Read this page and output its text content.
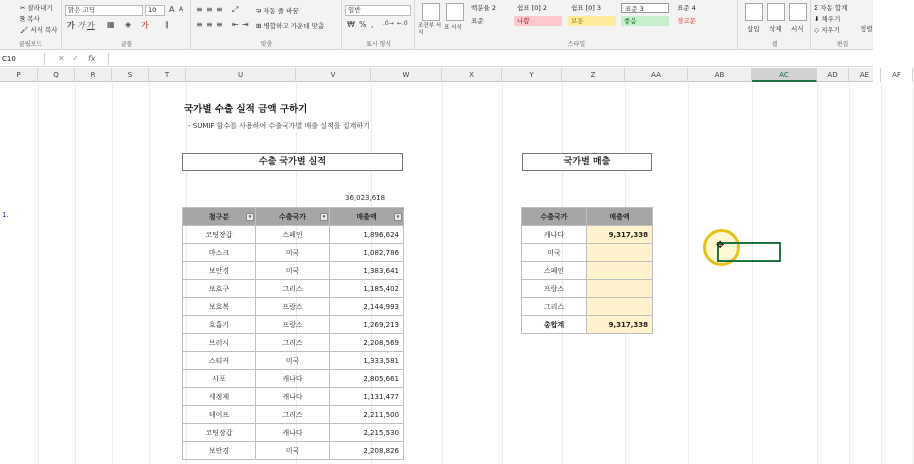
✂ 잘라내기
⎘ 복사
🖌 서식 복사
클립보드
맑은 고딕	10	A A
가 가 가 ▦ ◈ 가 ㅒ
글꼴
≡ ≡ ≡ ⤢	⮒ 자동 줄 바꿈
≡ ≡ ≡ ⇤ ⇥ ⊞ 병합하고 가운데 맞춤
맞춤
일반
₩ % , .0→ ←.0
표시 형식
조건부 서식
표 서식
백분율 2	쉼표 [0] 2	쉼표 [0] 3	표준 3	표준 4
표준	나쁨	보통	좋음	경고문
스타일
삽입 삭제 서식
셀
Σ 자동 합계
⬇ 채우기
◇ 지우기	정렬
편집
C10	✕ ✓ fx
P	Q	R	S	T	U	V	W	X	Y	Z	AA	AB	AC	AD	AE	AF
1.
국가별 수출 실적 금액 구하기
- SUMIF 함수를 사용하여 수출국가별 매출 실적을 집계하기
수출 국가별 실적	국가별 매출
36,023,618
철구분 ▾	수출국가 ▾	매출액 ▾

코팅장갑	스페인	1,896,624
마스크	미국	1,082,786
보안경	미국	1,383,641
보호구	그리스	1,185,402
보호복	프랑스	2,144,993
호흡기	프랑스	1,269,213
브러시	그리스	2,208,569
스티커	미국	1,333,581
사포	캐나다	2,805,661
세정제	캐나다	1,131,477
테이프	그리스	2,211,500
코팅장갑	캐나다	2,215,530
보안경	미국	2,208,826
수출국가	매출액
캐나다	9,317,338
미국	
스페인	
프랑스	
그리스	
총합계	9,317,338
✥
